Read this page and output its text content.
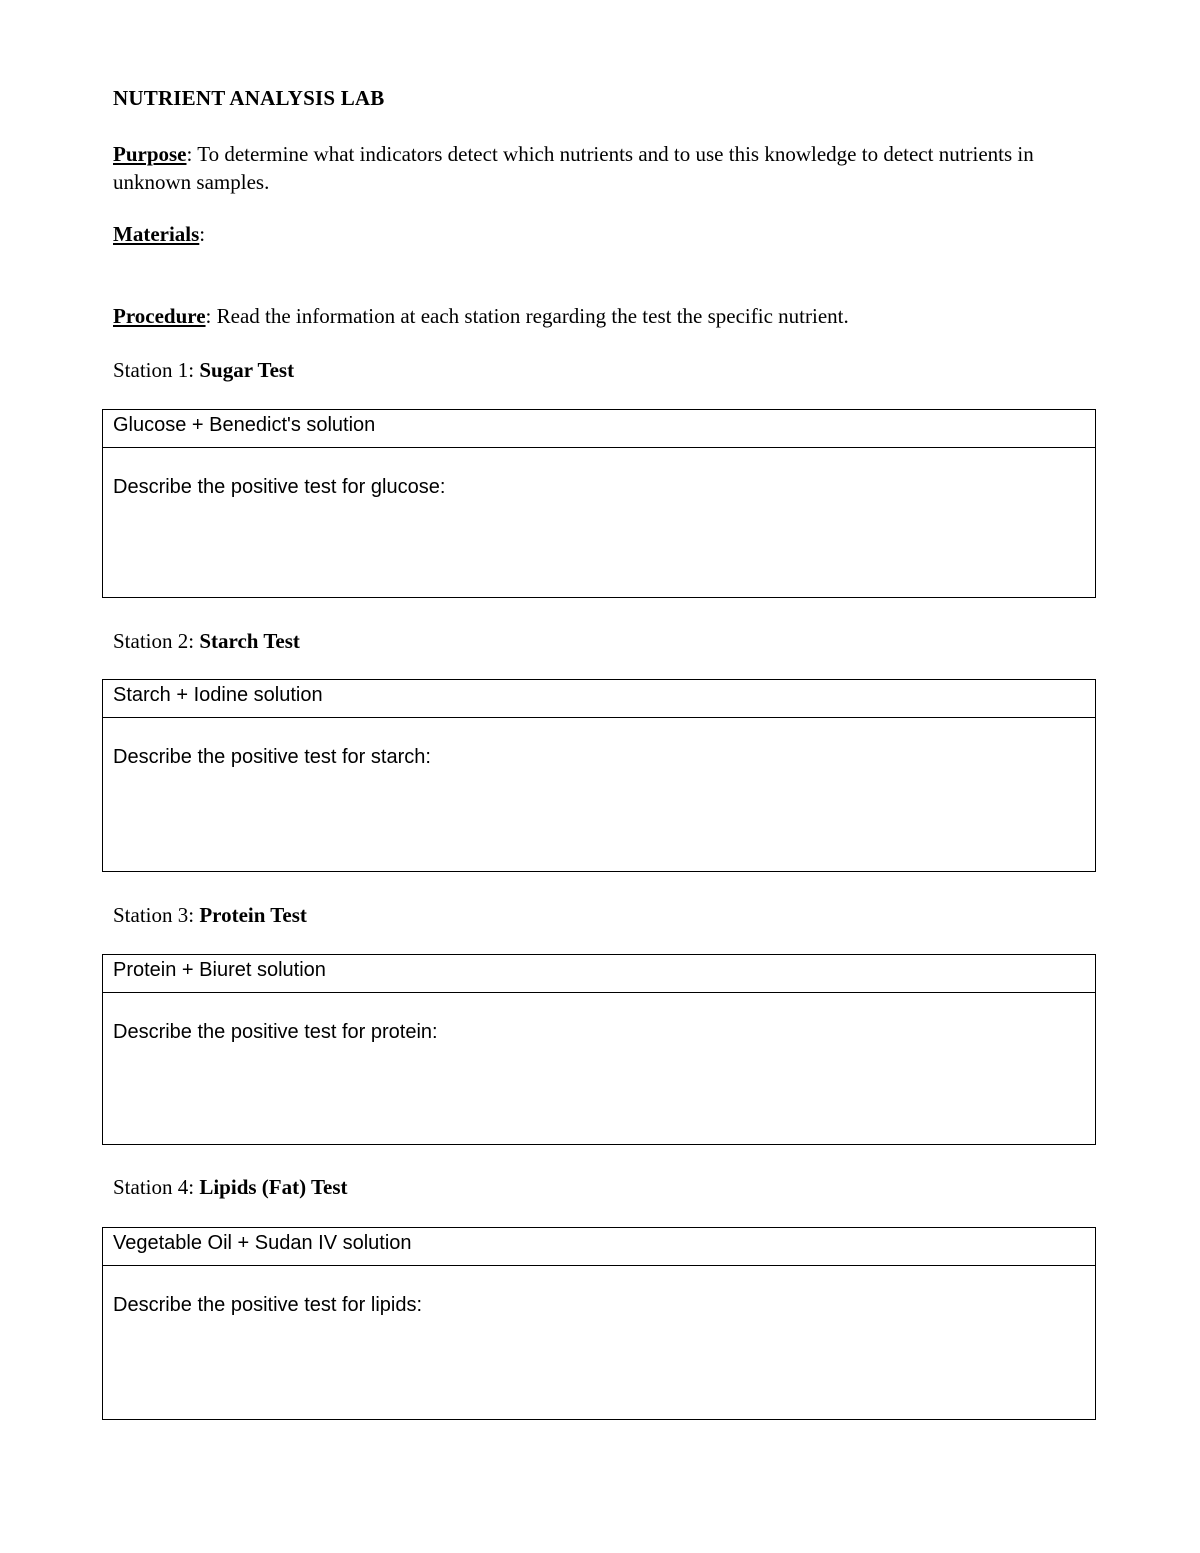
NUTRIENT ANALYSIS LAB
Purpose: To determine what indicators detect which nutrients and to use this knowledge to detect nutrients in unknown samples.
Materials:
Procedure: Read the information at each station regarding the test the specific nutrient.
Station 1: Sugar Test
Glucose + Benedict's solution
Describe the positive test for glucose:
Station 2: Starch Test
Starch + Iodine solution
Describe the positive test for starch:
Station 3: Protein Test
Protein + Biuret solution
Describe the positive test for protein:
Station 4: Lipids (Fat) Test
Vegetable Oil + Sudan IV solution
Describe the positive test for lipids:
